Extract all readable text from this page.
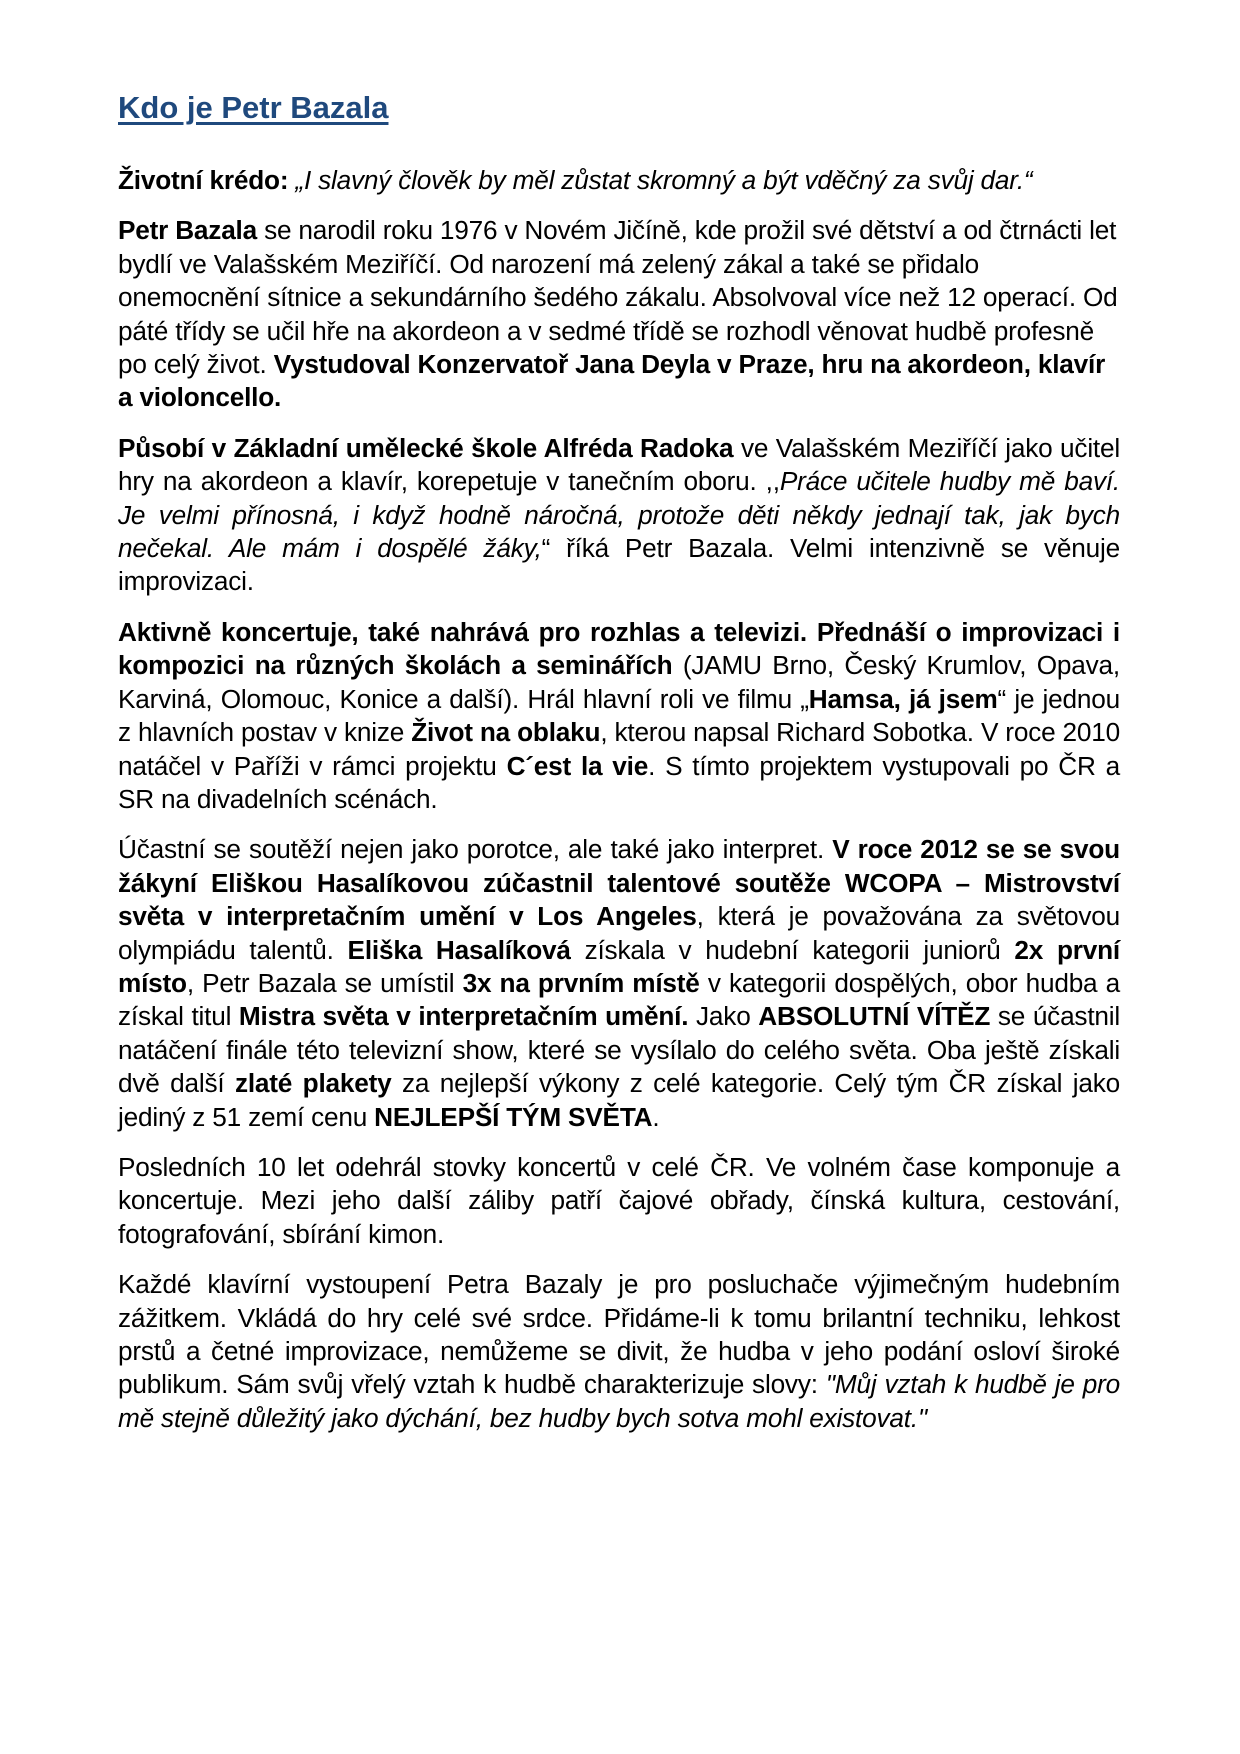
Kdo je Petr Bazala

Životní krédo: „I slavný člověk by měl zůstat skromný a být vděčný za svůj dar.“

Petr Bazala se narodil roku 1976 v Novém Jičíně, kde prožil své dětství a od čtrnácti let bydlí ve Valašském Meziříčí. Od narození má zelený zákal a také se přidalo onemocnění sítnice a sekundárního šedého zákalu. Absolvoval více než 12 operací. Od páté třídy se učil hře na akordeon a v sedmé třídě se rozhodl věnovat hudbě profesně po celý život. Vystudoval Konzervatoř Jana Deyla v Praze, hru na akordeon, klavír a violoncello.

Působí v Základní umělecké škole Alfréda Radoka ve Valašském Meziříčí jako učitel hry na akordeon a klavír, korepetuje v tanečním oboru. ,,Práce učitele hudby mě baví. Je velmi přínosná, i když hodně náročná, protože děti někdy jednají tak, jak bych nečekal. Ale mám i dospělé žáky,“ říká Petr Bazala. Velmi intenzivně se věnuje improvizaci.

Aktivně koncertuje, také nahrává pro rozhlas a televizi. Přednáší o improvizaci i kompozici na různých školách a seminářích (JAMU Brno, Český Krumlov, Opava, Karviná, Olomouc, Konice a další). Hrál hlavní roli ve filmu „Hamsa, já jsem“ je jednou z hlavních postav v knize Život na oblaku, kterou napsal Richard Sobotka. V roce 2010 natáčel v Paříži v rámci projektu C´est la vie. S tímto projektem vystupovali po ČR a SR na divadelních scénách.

Účastní se soutěží nejen jako porotce, ale také jako interpret. V roce 2012 se se svou žákyní Eliškou Hasalíkovou zúčastnil talentové soutěže WCOPA – Mistrovství světa v interpretačním umění v Los Angeles, která je považována za světovou olympiádu talentů. Eliška Hasalíková získala v hudební kategorii juniorů 2x první místo, Petr Bazala se umístil 3x na prvním místě v kategorii dospělých, obor hudba a získal titul Mistra světa v interpretačním umění. Jako ABSOLUTNÍ VÍTĚZ se účastnil natáčení finále této televizní show, které se vysílalo do celého světa. Oba ještě získali dvě další zlaté plakety za nejlepší výkony z celé kategorie. Celý tým ČR získal jako jediný z 51 zemí cenu NEJLEPŠÍ TÝM SVĚTA.

Posledních 10 let odehrál stovky koncertů v celé ČR. Ve volném čase komponuje a koncertuje. Mezi jeho další záliby patří čajové obřady, čínská kultura, cestování, fotografování, sbírání kimon.

Každé klavírní vystoupení Petra Bazaly je pro posluchače výjimečným hudebním zážitkem. Vkládá do hry celé své srdce. Přidáme-li k tomu brilantní techniku, lehkost prstů a četné improvizace, nemůžeme se divit, že hudba v jeho podání osloví široké publikum. Sám svůj vřelý vztah k hudbě charakterizuje slovy: "Můj vztah k hudbě je pro mě stejně důležitý jako dýchání, bez hudby bych sotva mohl existovat."
